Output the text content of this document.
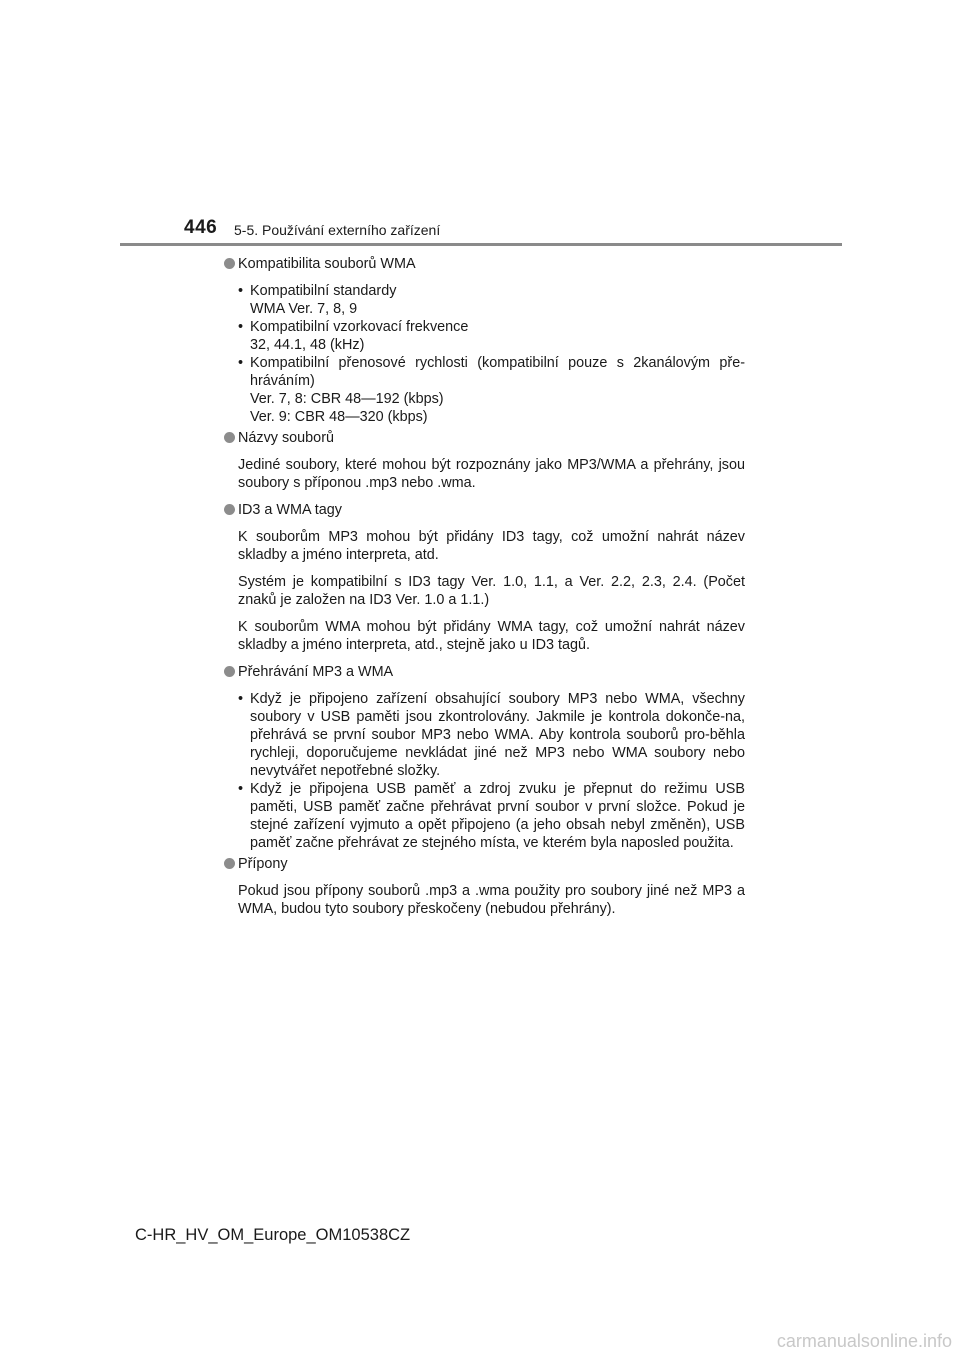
446 5-5. Používání externího zařízení
Kompatibilita souborů WMA
• Kompatibilní standardy
WMA Ver. 7, 8, 9
• Kompatibilní vzorkovací frekvence
32, 44.1, 48 (kHz)
• Kompatibilní přenosové rychlosti (kompatibilní pouze s 2kanálovým pře-hráváním)
Ver. 7, 8: CBR 48—192 (kbps)
Ver. 9: CBR 48—320 (kbps)
Názvy souborů

Jediné soubory, které mohou být rozpoznány jako MP3/WMA a přehrány, jsou soubory s příponou .mp3 nebo .wma.

ID3 a WMA tagy

K souborům MP3 mohou být přidány ID3 tagy, což umožní nahrát název skladby a jméno interpreta, atd.

Systém je kompatibilní s ID3 tagy Ver. 1.0, 1.1, a Ver. 2.2, 2.3, 2.4. (Počet znaků je založen na ID3 Ver. 1.0 a 1.1.)

K souborům WMA mohou být přidány WMA tagy, což umožní nahrát název skladby a jméno interpreta, atd., stejně jako u ID3 tagů.

Přehrávání MP3 a WMA
• Když je připojeno zařízení obsahující soubory MP3 nebo WMA, všechny soubory v USB paměti jsou zkontrolovány. Jakmile je kontrola dokonče-na, přehrává se první soubor MP3 nebo WMA. Aby kontrola souborů pro-běhla rychleji, doporučujeme nevkládat jiné než MP3 nebo WMA soubory nebo nevytvářet nepotřebné složky.
• Když je připojena USB paměť a zdroj zvuku je přepnut do režimu USB paměti, USB paměť začne přehrávat první soubor v první složce. Pokud je stejné zařízení vyjmuto a opět připojeno (a jeho obsah nebyl změněn), USB paměť začne přehrávat ze stejného místa, ve kterém byla naposled použita.
Přípony

Pokud jsou přípony souborů .mp3 a .wma použity pro soubory jiné než MP3 a WMA, budou tyto soubory přeskočeny (nebudou přehrány).

C-HR_HV_OM_Europe_OM10538CZ
carmanualsonline.info
